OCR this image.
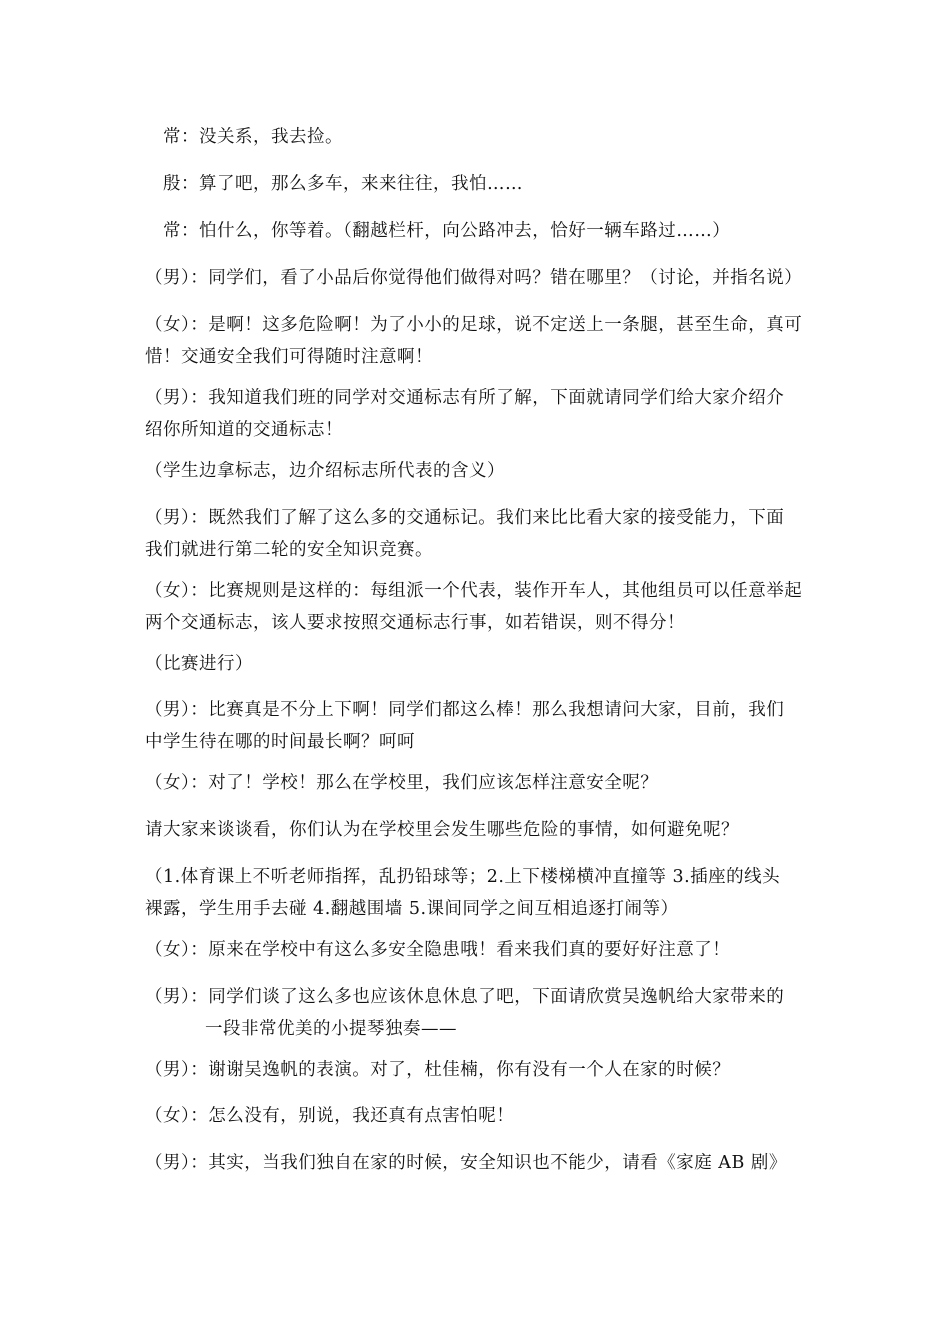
常：没关系，我去捡。
殷：算了吧，那么多车，来来往往，我怕……
常：怕什么，你等着。（翻越栏杆，向公路冲去，恰好一辆车路过……）
（男）：同学们，看了小品后你觉得他们做得对吗？错在哪里？（讨论，并指名说）
（女）：是啊！这多危险啊！为了小小的足球，说不定送上一条腿，甚至生命，真可
惜！交通安全我们可得随时注意啊！
（男）：我知道我们班的同学对交通标志有所了解，下面就请同学们给大家介绍介
绍你所知道的交通标志！
（学生边拿标志，边介绍标志所代表的含义）
（男）：既然我们了解了这么多的交通标记。我们来比比看大家的接受能力，下面
我们就进行第二轮的安全知识竞赛。
（女）：比赛规则是这样的：每组派一个代表，装作开车人，其他组员可以任意举起
两个交通标志，该人要求按照交通标志行事，如若错误，则不得分！
（比赛进行）
（男）：比赛真是不分上下啊！同学们都这么棒！那么我想请问大家，目前，我们
中学生待在哪的时间最长啊？呵呵
（女）：对了！学校！那么在学校里，我们应该怎样注意安全呢？
请大家来谈谈看，你们认为在学校里会发生哪些危险的事情，如何避免呢？
（1.体育课上不听老师指挥，乱扔铅球等；2.上下楼梯横冲直撞等 3.插座的线头
裸露，学生用手去碰 4.翻越围墙 5.课间同学之间互相追逐打闹等）
（女）：原来在学校中有这么多安全隐患哦！看来我们真的要好好注意了！
（男）：同学们谈了这么多也应该休息休息了吧，下面请欣赏吴逸帆给大家带来的
一段非常优美的小提琴独奏——
（男）：谢谢吴逸帆的表演。对了，杜佳楠，你有没有一个人在家的时候？
（女）：怎么没有，别说，我还真有点害怕呢！
（男）：其实，当我们独自在家的时候，安全知识也不能少，请看《家庭 AB 剧》
